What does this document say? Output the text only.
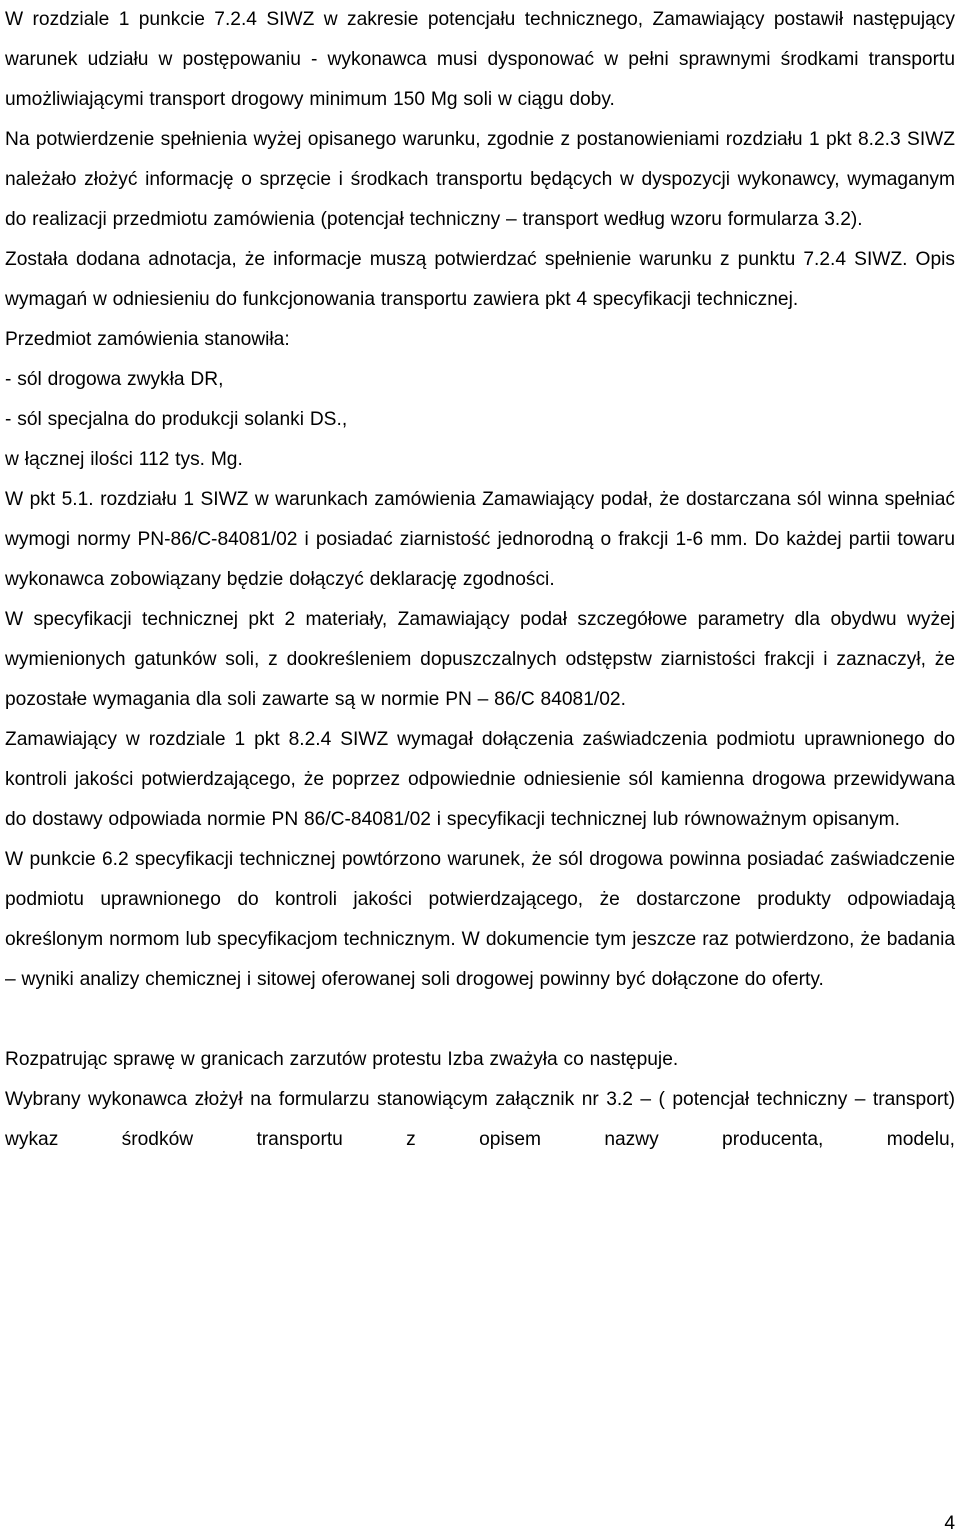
W rozdziale 1 punkcie 7.2.4 SIWZ w zakresie potencjału technicznego, Zamawiający postawił następujący warunek udziału w postępowaniu - wykonawca musi dysponować w pełni sprawnymi środkami transportu umożliwiającymi transport drogowy minimum 150 Mg soli w ciągu doby.

Na potwierdzenie spełnienia wyżej opisanego warunku, zgodnie z postanowieniami rozdziału 1 pkt 8.2.3 SIWZ należało złożyć informację o sprzęcie i środkach transportu będących w dyspozycji wykonawcy, wymaganym do realizacji przedmiotu zamówienia (potencjał techniczny – transport według wzoru formularza 3.2).

Została dodana adnotacja, że informacje muszą potwierdzać spełnienie warunku z punktu 7.2.4 SIWZ. Opis wymagań w odniesieniu do funkcjonowania transportu zawiera pkt 4 specyfikacji technicznej.

Przedmiot zamówienia stanowiła:

- sól drogowa zwykła DR,

- sól specjalna do produkcji solanki DS.,

w łącznej ilości 112 tys. Mg.

W pkt 5.1. rozdziału 1 SIWZ w warunkach zamówienia Zamawiający podał, że dostarczana sól winna spełniać wymogi normy PN-86/C-84081/02 i posiadać ziarnistość jednorodną o frakcji 1-6 mm. Do każdej partii towaru wykonawca zobowiązany będzie dołączyć deklarację zgodności.

W specyfikacji technicznej pkt 2 materiały, Zamawiający podał szczegółowe parametry dla obydwu wyżej wymienionych gatunków soli, z dookreśleniem dopuszczalnych odstępstw ziarnistości frakcji i zaznaczył, że pozostałe wymagania dla soli zawarte są w normie PN – 86/C 84081/02.

Zamawiający w rozdziale 1 pkt 8.2.4 SIWZ wymagał dołączenia zaświadczenia podmiotu uprawnionego do kontroli jakości potwierdzającego, że poprzez odpowiednie odniesienie sól kamienna drogowa przewidywana do dostawy odpowiada normie PN 86/C-84081/02 i specyfikacji technicznej lub równoważnym opisanym.

W punkcie 6.2 specyfikacji technicznej powtórzono warunek, że sól drogowa powinna posiadać zaświadczenie podmiotu uprawnionego do kontroli jakości potwierdzającego, że dostarczone produkty odpowiadają określonym normom lub specyfikacjom technicznym. W dokumencie tym jeszcze raz potwierdzono, że badania – wyniki analizy chemicznej i sitowej oferowanej soli drogowej powinny być dołączone do oferty.

Rozpatrując sprawę w granicach zarzutów protestu Izba zważyła co następuje.

Wybrany wykonawca złożył na formularzu stanowiącym załącznik nr 3.2 – ( potencjał techniczny – transport) wykaz środków transportu z opisem nazwy producenta, modelu,

4
